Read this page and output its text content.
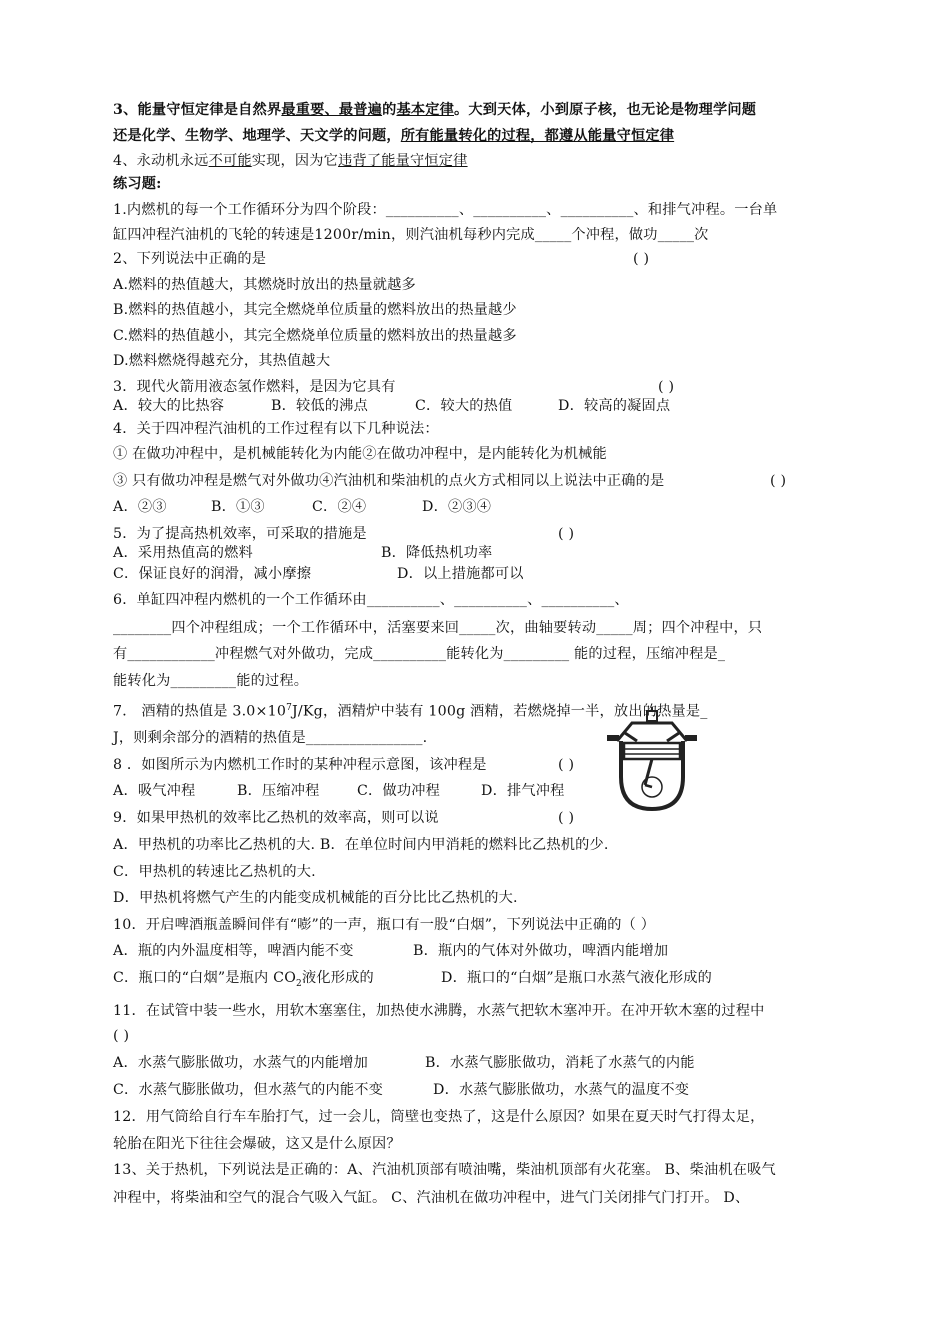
3、能量守恒定律是自然界最重要、最普遍的基本定律。大到天体，小到原子核，也无论是物理学问题
还是化学、生物学、地理学、天文学的问题，所有能量转化的过程，都遵从能量守恒定律
4、永动机永远不可能实现，因为它违背了能量守恒定律
练习题:
1.内燃机的每一个工作循环分为四个阶段：__________、__________、__________、和排气冲程。一台单
缸四冲程汽油机的飞轮的转速是1200r/min，则汽油机每秒内完成_____个冲程，做功_____次
2、下列说法中正确的是	( )
A.燃料的热值越大，其燃烧时放出的热量就越多
B.燃料的热值越小，其完全燃烧单位质量的燃料放出的热量越少
C.燃料的热值越小，其完全燃烧单位质量的燃料放出的热量越多
D.燃料燃烧得越充分，其热值越大
3．现代火箭用液态氢作燃料，是因为它具有	( )
A．较大的比热容	B．较低的沸点	C．较大的热值	D．较高的凝固点
4．关于四冲程汽油机的工作过程有以下几种说法：
① 在做功冲程中，是机械能转化为内能②在做功冲程中，是内能转化为机械能
③ 只有做功冲程是燃气对外做功④汽油机和柴油机的点火方式相同以上说法中正确的是	( )
A．②③	B．①③	C．②④	D．②③④
5．为了提高热机效率，可采取的措施是	( )
A．采用热值高的燃料	B．降低热机功率
C．保证良好的润滑，减小摩擦	D．以上措施都可以
6．单缸四冲程内燃机的一个工作循环由__________、__________、__________、
________四个冲程组成；一个工作循环中，活塞要来回_____次，曲轴要转动_____周；四个冲程中，只
有____________冲程燃气对外做功，完成__________能转化为_________ 能的过程，压缩冲程是_
能转化为_________能的过程。
7． 酒精的热值是 $3.0\times 10^7J/Kg$，酒精炉中装有 100g 酒精，若燃烧掉一半，放出的热量是_
J，则剩余部分的酒精的热值是________________.
8 ．如图所示为内燃机工作时的某种冲程示意图，该冲程是	( )
A．吸气冲程	B．压缩冲程	C．做功冲程	D．排气冲程
9．如果甲热机的效率比乙热机的效率高，则可以说	( )
A．甲热机的功率比乙热机的大. B．在单位时间内甲消耗的燃料比乙热机的少.
C．甲热机的转速比乙热机的大.
D．甲热机将燃气产生的内能变成机械能的百分比比乙热机的大.
10．开启啤酒瓶盖瞬间伴有“嘭”的一声，瓶口有一股“白烟”，下列说法中正确的（ ）
A．瓶的内外温度相等，啤酒内能不变	B．瓶内的气体对外做功，啤酒内能增加
C．瓶口的“白烟”是瓶内 $CO_2$液化形成的	D．瓶口的“白烟”是瓶口水蒸气液化形成的
11．在试管中装一些水，用软木塞塞住，加热使水沸腾，水蒸气把软木塞冲开。在冲开软木塞的过程中
( )
A．水蒸气膨胀做功，水蒸气的内能增加	B．水蒸气膨胀做功，消耗了水蒸气的内能
C．水蒸气膨胀做功，但水蒸气的内能不变	D．水蒸气膨胀做功，水蒸气的温度不变
12．用气筒给自行车车胎打气，过一会儿，筒壁也变热了，这是什么原因？如果在夏天时气打得太足，
轮胎在阳光下往往会爆破，这又是什么原因？
13、关于热机，下列说法是正确的：A、汽油机顶部有喷油嘴，柴油机顶部有火花塞。 B、柴油机在吸气
冲程中，将柴油和空气的混合气吸入气缸。 C、汽油机在做功冲程中，进气门关闭排气门打开。 D、
